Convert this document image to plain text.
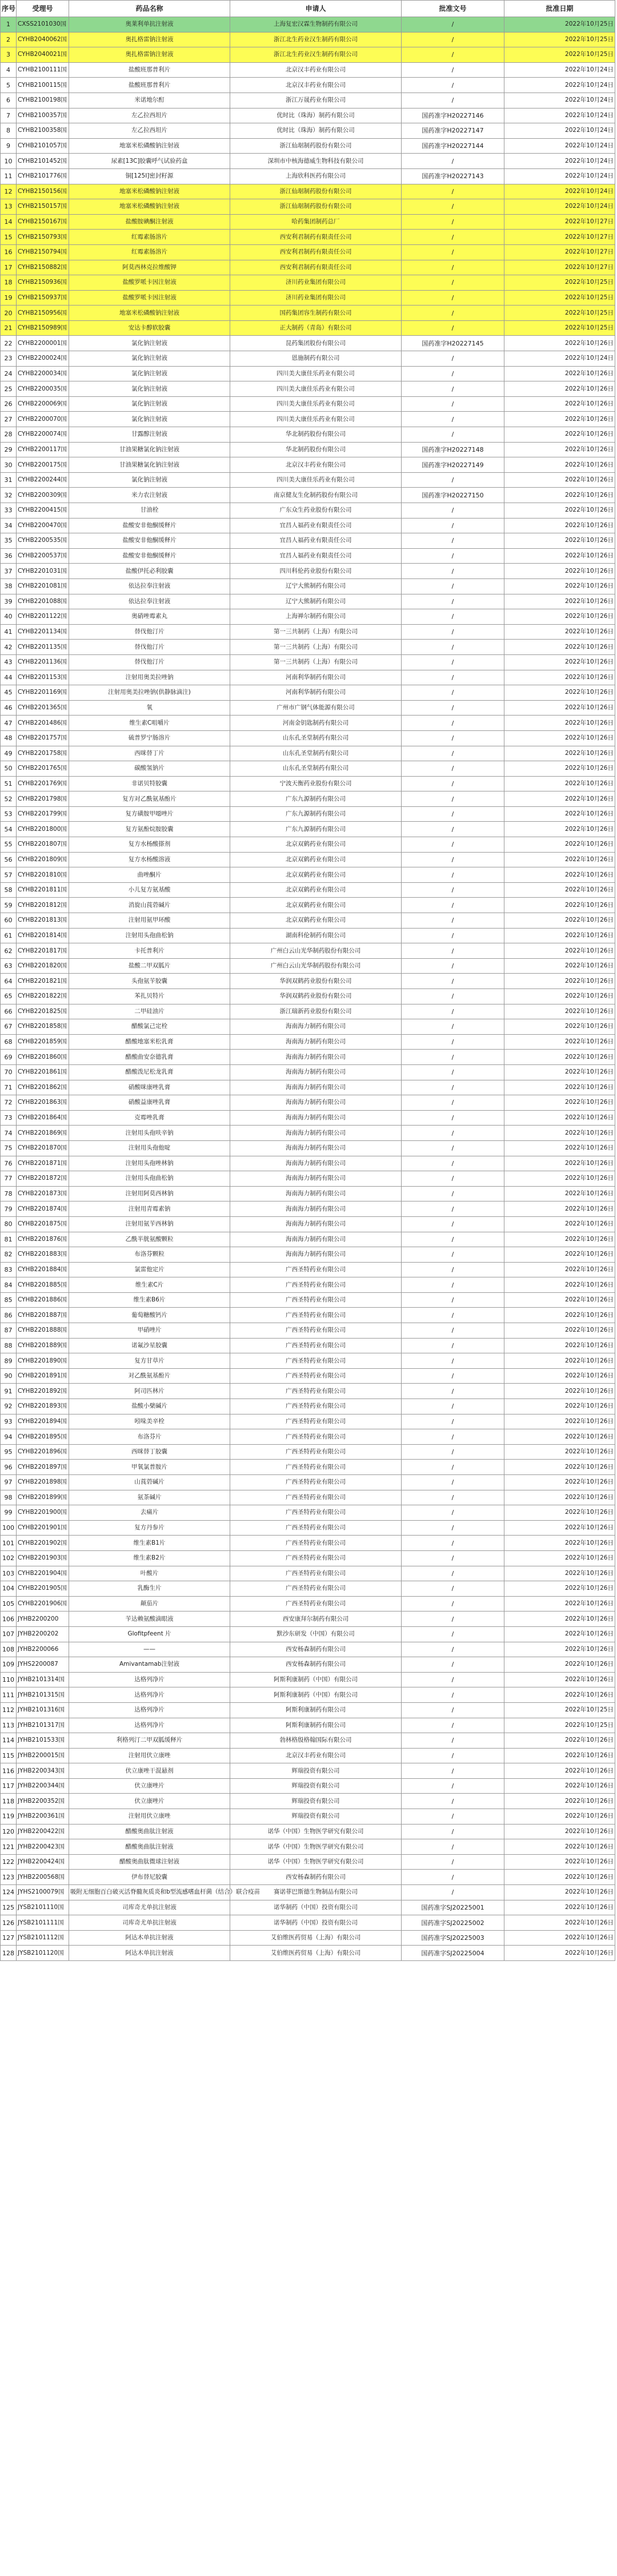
序号	受理号	药品名称	申请人	批准文号	批准日期
1	CXSS2101030国	奥莱利单抗注射液	上海复宏汉霖生物制药有限公司	/	2022年10月25日
2	CYHB2040062国	奥扎格雷钠注射液	浙江北生药业汉生制药有限公司	/	2022年10月25日
3	CYHB2040021国	奥扎格雷钠注射液	浙江北生药业汉生制药有限公司	/	2022年10月25日
4	CYHB2100111国	盐酸班那普利片	北京汉丰药业有限公司	/	2022年10月24日
5	CYHB2100115国	盐酸班那普利片	北京汉丰药业有限公司	/	2022年10月24日
6	CYHB2100198国	米诺地尔酊	浙江万晟药业有限公司	/	2022年10月24日
7	CYHB2100357国	左乙拉西坦片	优时比（珠海）制药有限公司	国药准字H20227146	2022年10月24日
8	CYHB2100358国	左乙拉西坦片	优时比（珠海）制药有限公司	国药准字H20227147	2022年10月24日
9	CYHB2101057国	地塞米松磷酸钠注射液	浙江仙琚制药股份有限公司	国药准字H20227144	2022年10月24日
10	CYHB2101452国	尿素[13C]胶囊呼气试验药盒	深圳市中核海德威生物科技有限公司	/	2022年10月24日
11	CYHB2101776国	铜[125I]密封籽源	上海欣科医药有限公司	国药准字H20227143	2022年10月24日
12	CYHB2150156国	地塞米松磷酸钠注射液	浙江仙琚制药股份有限公司	/	2022年10月24日
13	CYHB2150157国	地塞米松磷酸钠注射液	浙江仙琚制药股份有限公司	/	2022年10月24日
14	CYHB2150167国	盐酸胺碘酮注射液	哈药集团制药总厂	/	2022年10月27日
15	CYHB2150793国	红霉素肠溶片	西安利君制药有限责任公司	/	2022年10月27日
16	CYHB2150794国	红霉素肠溶片	西安利君制药有限责任公司	/	2022年10月27日
17	CYHB2150882国	阿莫西林克拉维酸钾	西安利君制药有限责任公司	/	2022年10月27日
18	CYHB2150936国	盐酸罗哌卡因注射液	济川药业集团有限公司	/	2022年10月25日
19	CYHB2150937国	盐酸罗哌卡因注射液	济川药业集团有限公司	/	2022年10月25日
20	CYHB2150956国	地塞米松磷酸钠注射液	国药集团容生制药有限公司	/	2022年10月25日
21	CYHB2150989国	安达卡醇软胶囊	正大制药（青岛）有限公司	/	2022年10月25日
22	CYHB2200001国	氯化钠注射液	昆药集团股份有限公司	国药准字H20227145	2022年10月26日
23	CYHB2200024国	氯化钠注射液	恩施制药有限公司	/	2022年10月24日
24	CYHB2200034国	氯化钠注射液	四川美大康佳乐药业有限公司	/	2022年10月26日
25	CYHB2200035国	氯化钠注射液	四川美大康佳乐药业有限公司	/	2022年10月26日
26	CYHB2200069国	氯化钠注射液	四川美大康佳乐药业有限公司	/	2022年10月26日
27	CYHB2200070国	氯化钠注射液	四川美大康佳乐药业有限公司	/	2022年10月26日
28	CYHB2200074国	甘露醇注射液	华北制药股份有限公司	/	2022年10月26日
29	CYHB2200117国	甘油果糖氯化钠注射液	华北制药股份有限公司	国药准字H20227148	2022年10月26日
30	CYHB2200175国	甘油果糖氯化钠注射液	北京汉丰药业有限公司	国药准字H20227149	2022年10月26日
31	CYHB2200244国	氯化钠注射液	四川美大康佳乐药业有限公司	/	2022年10月26日
32	CYHB2200309国	米力农注射液	南京健友生化制药股份有限公司	国药准字H20227150	2022年10月26日
33	CYHB2200415国	甘油栓	广东众生药业股份有限公司	/	2022年10月26日
34	CYHB2200470国	盐酸安非他酮缓释片	宜昌人福药业有限责任公司	/	2022年10月26日
35	CYHB2200535国	盐酸安非他酮缓释片	宜昌人福药业有限责任公司	/	2022年10月26日
36	CYHB2200537国	盐酸安非他酮缓释片	宜昌人福药业有限责任公司	/	2022年10月26日
37	CYHB2201031国	盐酸伊托必利胶囊	四川科伦药业股份有限公司	/	2022年10月26日
38	CYHB2201081国	依达拉奉注射液	辽宁大熊制药有限公司	/	2022年10月26日
39	CYHB2201088国	依达拉奉注射液	辽宁大熊制药有限公司	/	2022年10月26日
40	CYHB2201122国	奥硝唑霉素丸	上海禅尔制药有限公司	/	2022年10月26日
41	CYHB2201134国	替伐他汀片	第一三共制药（上海）有限公司	/	2022年10月26日
42	CYHB2201135国	替伐他汀片	第一三共制药（上海）有限公司	/	2022年10月26日
43	CYHB2201136国	替伐他汀片	第一三共制药（上海）有限公司	/	2022年10月26日
44	CYHB2201153国	注射用奥美拉唑钠	河南利华制药有限公司	/	2022年10月26日
45	CYHB2201169国	注射用奥美拉唑钠(供静脉滴注)	河南利华制药有限公司	/	2022年10月26日
46	CYHB2201365国	氧	广州市广钢气体能源有限公司	/	2022年10月26日
47	CYHB2201486国	维生素C咀嚼片	河南金钥匙制药有限公司	/	2022年10月26日
48	CYHB2201757国	硫普罗宁肠溶片	山东孔圣堂制药有限公司	/	2022年10月26日
49	CYHB2201758国	西咪替丁片	山东孔圣堂制药有限公司	/	2022年10月26日
50	CYHB2201765国	碳酸氢钠片	山东孔圣堂制药有限公司	/	2022年10月26日
51	CYHB2201769国	非诺贝特胶囊	宁波天衡药业股份有限公司	/	2022年10月26日
52	CYHB2201798国	复方对乙酰氨基酚片	广东九源制药有限公司	/	2022年10月26日
53	CYHB2201799国	复方磺胺甲噁唑片	广东九源制药有限公司	/	2022年10月26日
54	CYHB2201800国	复方氨酚烷胺胶囊	广东九源制药有限公司	/	2022年10月26日
55	CYHB2201807国	复方水杨酸搽剂	北京双鹤药业有限公司	/	2022年10月26日
56	CYHB2201809国	复方水杨酸溶液	北京双鹤药业有限公司	/	2022年10月26日
57	CYHB2201810国	曲唑酮片	北京双鹤药业有限公司	/	2022年10月26日
58	CYHB2201811国	小儿复方氨基酸	北京双鹤药业有限公司	/	2022年10月26日
59	CYHB2201812国	消旋山莨菪碱片	北京双鹤药业有限公司	/	2022年10月26日
60	CYHB2201813国	注射用氨甲环酸	北京双鹤药业有限公司	/	2022年10月26日
61	CYHB2201814国	注射用头孢曲松钠	湖南科伦制药有限公司	/	2022年10月26日
62	CYHB2201817国	卡托普利片	广州白云山光华制药股份有限公司	/	2022年10月26日
63	CYHB2201820国	盐酸二甲双胍片	广州白云山光华制药股份有限公司	/	2022年10月26日
64	CYHB2201821国	头孢氨苄胶囊	华润双鹤药业股份有限公司	/	2022年10月26日
65	CYHB2201822国	苯扎贝特片	华润双鹤药业股份有限公司	/	2022年10月26日
66	CYHB2201825国	二甲硅油片	浙江瑞新药业股份有限公司	/	2022年10月26日
67	CYHB2201858国	醋酸氯己定栓	海南海力制药有限公司	/	2022年10月26日
68	CYHB2201859国	醋酸地塞米松乳膏	海南海力制药有限公司	/	2022年10月26日
69	CYHB2201860国	醋酸曲安奈德乳膏	海南海力制药有限公司	/	2022年10月26日
70	CYHB2201861国	醋酸泼尼松龙乳膏	海南海力制药有限公司	/	2022年10月26日
71	CYHB2201862国	硝酸咪康唑乳膏	海南海力制药有限公司	/	2022年10月26日
72	CYHB2201863国	硝酸益康唑乳膏	海南海力制药有限公司	/	2022年10月26日
73	CYHB2201864国	克霉唑乳膏	海南海力制药有限公司	/	2022年10月26日
74	CYHB2201869国	注射用头孢呋辛钠	海南海力制药有限公司	/	2022年10月26日
75	CYHB2201870国	注射用头孢他啶	海南海力制药有限公司	/	2022年10月26日
76	CYHB2201871国	注射用头孢唑林钠	海南海力制药有限公司	/	2022年10月26日
77	CYHB2201872国	注射用头孢曲松钠	海南海力制药有限公司	/	2022年10月26日
78	CYHB2201873国	注射用阿莫西林钠	海南海力制药有限公司	/	2022年10月26日
79	CYHB2201874国	注射用青霉素钠	海南海力制药有限公司	/	2022年10月26日
80	CYHB2201875国	注射用氨苄西林钠	海南海力制药有限公司	/	2022年10月26日
81	CYHB2201876国	乙酰半胱氨酸颗粒	海南海力制药有限公司	/	2022年10月26日
82	CYHB2201883国	布洛芬颗粒	海南海力制药有限公司	/	2022年10月26日
83	CYHB2201884国	氯雷他定片	广西圣特药业有限公司	/	2022年10月26日
84	CYHB2201885国	维生素C片	广西圣特药业有限公司	/	2022年10月26日
85	CYHB2201886国	维生素B6片	广西圣特药业有限公司	/	2022年10月26日
86	CYHB2201887国	葡萄糖酸钙片	广西圣特药业有限公司	/	2022年10月26日
87	CYHB2201888国	甲硝唑片	广西圣特药业有限公司	/	2022年10月26日
88	CYHB2201889国	诺氟沙星胶囊	广西圣特药业有限公司	/	2022年10月26日
89	CYHB2201890国	复方甘草片	广西圣特药业有限公司	/	2022年10月26日
90	CYHB2201891国	对乙酰氨基酚片	广西圣特药业有限公司	/	2022年10月26日
91	CYHB2201892国	阿司匹林片	广西圣特药业有限公司	/	2022年10月26日
92	CYHB2201893国	盐酸小檗碱片	广西圣特药业有限公司	/	2022年10月26日
93	CYHB2201894国	吲哚美辛栓	广西圣特药业有限公司	/	2022年10月26日
94	CYHB2201895国	布洛芬片	广西圣特药业有限公司	/	2022年10月26日
95	CYHB2201896国	西咪替丁胶囊	广西圣特药业有限公司	/	2022年10月26日
96	CYHB2201897国	甲氧氯普胺片	广西圣特药业有限公司	/	2022年10月26日
97	CYHB2201898国	山莨菪碱片	广西圣特药业有限公司	/	2022年10月26日
98	CYHB2201899国	氨茶碱片	广西圣特药业有限公司	/	2022年10月26日
99	CYHB2201900国	去痛片	广西圣特药业有限公司	/	2022年10月26日
100	CYHB2201901国	复方丹参片	广西圣特药业有限公司	/	2022年10月26日
101	CYHB2201902国	维生素B1片	广西圣特药业有限公司	/	2022年10月26日
102	CYHB2201903国	维生素B2片	广西圣特药业有限公司	/	2022年10月26日
103	CYHB2201904国	叶酸片	广西圣特药业有限公司	/	2022年10月26日
104	CYHB2201905国	乳酶生片	广西圣特药业有限公司	/	2022年10月26日
105	CYHB2201906国	颠茄片	广西圣特药业有限公司	/	2022年10月26日
106	JYHB2200200	苄达赖氨酸滴眼液	西安康拜尔制药有限公司	/	2022年10月26日
107	JYHB2200202	Glofitpfeent 片	默沙东研发（中国）有限公司	/	2022年10月26日
108	JYHB2200066	——	西安杨森制药有限公司	/	2022年10月26日
109	JYHS2200087	Amivantamab注射液	西安杨森制药有限公司	/	2022年10月26日
110	JYHB2101314国	达格列净片	阿斯利康制药（中国）有限公司	/	2022年10月26日
111	JYHB2101315国	达格列净片	阿斯利康制药（中国）有限公司	/	2022年10月26日
112	JYHB2101316国	达格列净片	阿斯利康制药有限公司	/	2022年10月25日
113	JYHB2101317国	达格列净片	阿斯利康制药有限公司	/	2022年10月25日
114	JYHB2101533国	利格列汀二甲双胍缓释片	勃林格殷格翰国际有限公司	/	2022年10月26日
115	JYHB2200015国	注射用伏立康唑	北京汉丰药业有限公司	/	2022年10月26日
116	JYHB2200343国	伏立康唑干混悬剂	辉瑞投资有限公司	/	2022年10月26日
117	JYHB2200344国	伏立康唑片	辉瑞投资有限公司	/	2022年10月26日
118	JYHB2200352国	伏立康唑片	辉瑞投资有限公司	/	2022年10月26日
119	JYHB2200361国	注射用伏立康唑	辉瑞投资有限公司	/	2022年10月26日
120	JYHB2200422国	醋酸奥曲肽注射液	诺华（中国）生物医学研究有限公司	/	2022年10月26日
121	JYHB2200423国	醋酸奥曲肽注射液	诺华（中国）生物医学研究有限公司	/	2022年10月26日
122	JYHB2200424国	醋酸奥曲肽微球注射液	诺华（中国）生物医学研究有限公司	/	2022年10月26日
123	JYHB2200568国	伊布替尼胶囊	西安杨森制药有限公司	/	2022年10月26日
124	JYHS2100079国	吸附无细胞百白破灭活脊髓灰质炎和b型流感嗜血杆菌（结合）联合疫苗	赛诺菲巴斯德生物制品有限公司	/	2022年10月26日
125	JYSB2101110国	司库奇尤单抗注射液	诺华制药（中国）投资有限公司	国药准字SJ20225001	2022年10月26日
126	JYSB2101111国	司库奇尤单抗注射液	诺华制药（中国）投资有限公司	国药准字SJ20225002	2022年10月26日
127	JYSB2101112国	阿达木单抗注射液	艾伯维医药贸易（上海）有限公司	国药准字SJ20225003	2022年10月26日
128	JYSB2101120国	阿达木单抗注射液	艾伯维医药贸易（上海）有限公司	国药准字SJ20225004	2022年10月26日
